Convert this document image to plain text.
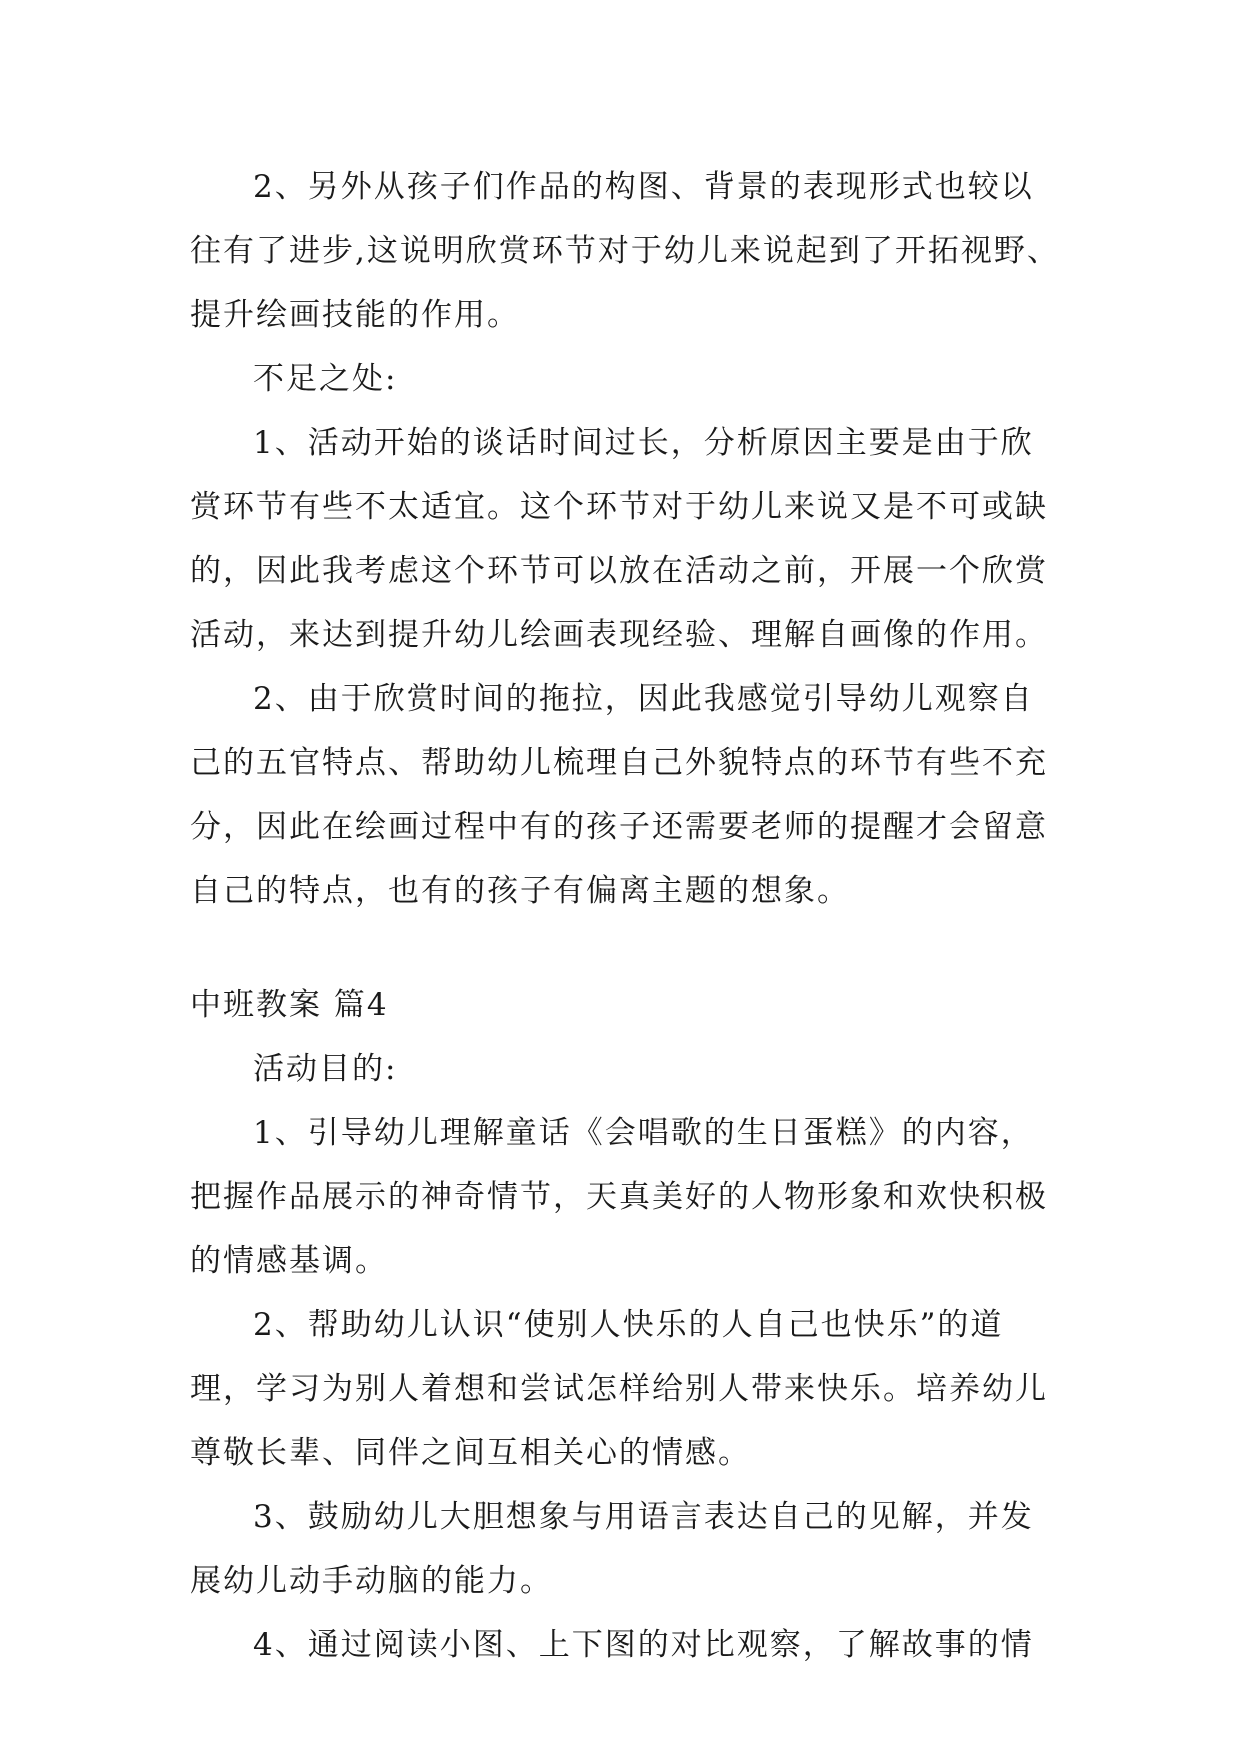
2、另外从孩子们作品的构图、背景的表现形式也较以
往有了进步,这说明欣赏环节对于幼儿来说起到了开拓视野、
提升绘画技能的作用。
不足之处:
1、活动开始的谈话时间过长，分析原因主要是由于欣
赏环节有些不太适宜。这个环节对于幼儿来说又是不可或缺
的，因此我考虑这个环节可以放在活动之前，开展一个欣赏
活动，来达到提升幼儿绘画表现经验、理解自画像的作用。
2、由于欣赏时间的拖拉，因此我感觉引导幼儿观察自
己的五官特点、帮助幼儿梳理自己外貌特点的环节有些不充
分，因此在绘画过程中有的孩子还需要老师的提醒才会留意
自己的特点，也有的孩子有偏离主题的想象。
中班教案 篇4
活动目的:
1、引导幼儿理解童话《会唱歌的生日蛋糕》的内容，
把握作品展示的神奇情节，天真美好的人物形象和欢快积极
的情感基调。
2、帮助幼儿认识“使别人快乐的人自己也快乐”的道
理，学习为别人着想和尝试怎样给别人带来快乐。培养幼儿
尊敬长辈、同伴之间互相关心的情感。
3、鼓励幼儿大胆想象与用语言表达自己的见解，并发
展幼儿动手动脑的能力。
4、通过阅读小图、上下图的对比观察，了解故事的情
